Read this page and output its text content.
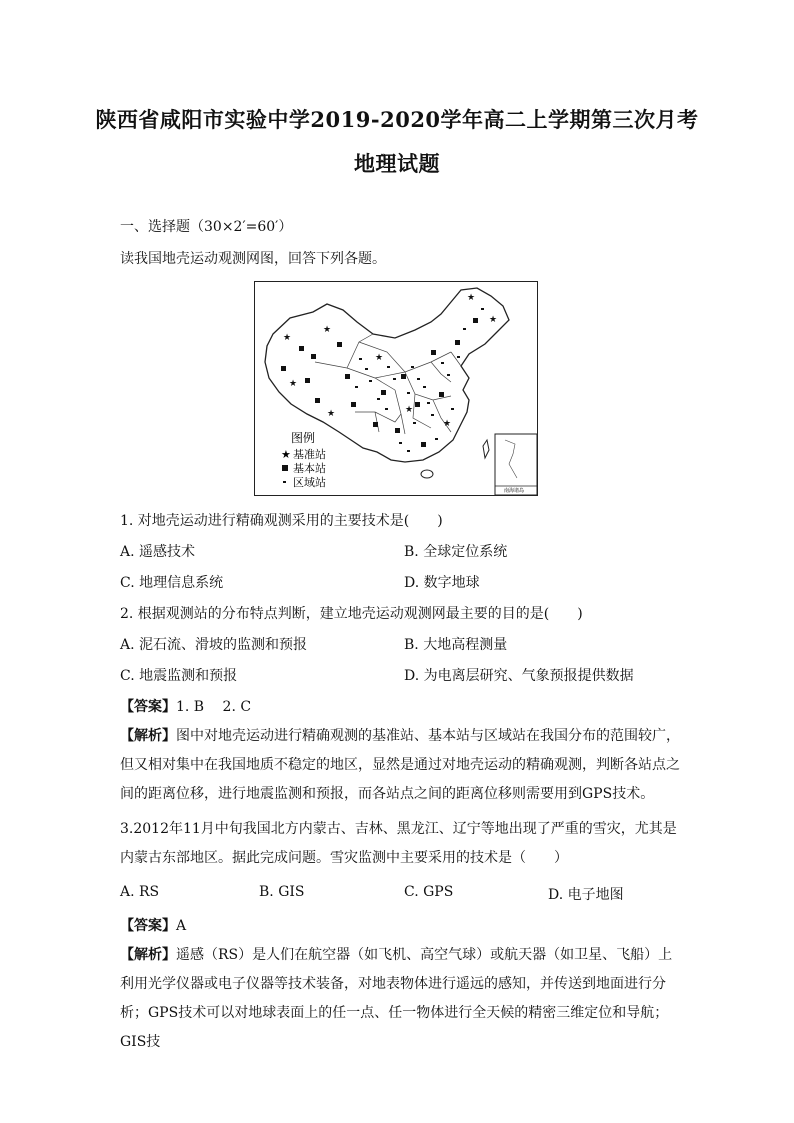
陕西省咸阳市实验中学2019-2020学年高二上学期第三次月考
地理试题
一、选择题（30×2′=60′）
读我国地壳运动观测网图，回答下列各题。
★
★
★
★
★
★
★
★
★
图例
★ 基准站
基本站
区域站
南海诸岛
1. 对地壳运动进行精确观测采用的主要技术是(　　)
A. 遥感技术	B. 全球定位系统
C. 地理信息系统	D. 数字地球
2. 根据观测站的分布特点判断，建立地壳运动观测网最主要的目的是(　　)
A. 泥石流、滑坡的监测和预报	B. 大地高程测量
C. 地震监测和预报	D. 为电离层研究、气象预报提供数据
【答案】1. B　 2. C
【解析】图中对地壳运动进行精确观测的基准站、基本站与区域站在我国分布的范围较广，但又相对集中在我国地质不稳定的地区，显然是通过对地壳运动的精确观测，判断各站点之间的距离位移，进行地震监测和预报，而各站点之间的距离位移则需要用到GPS技术。
3.2012年11月中旬我国北方内蒙古、吉林、黑龙江、辽宁等地出现了严重的雪灾，尤其是内蒙古东部地区。据此完成问题。雪灾监测中主要采用的技术是（　　）
A. RS	B. GIS	C. GPS	D. 电子地图
【答案】A
【解析】遥感（RS）是人们在航空器（如飞机、高空气球）或航天器（如卫星、飞船）上利用光学仪器或电子仪器等技术装备，对地表物体进行遥远的感知，并传送到地面进行分析；GPS技术可以对地球表面上的任一点、任一物体进行全天候的精密三维定位和导航；GIS技
